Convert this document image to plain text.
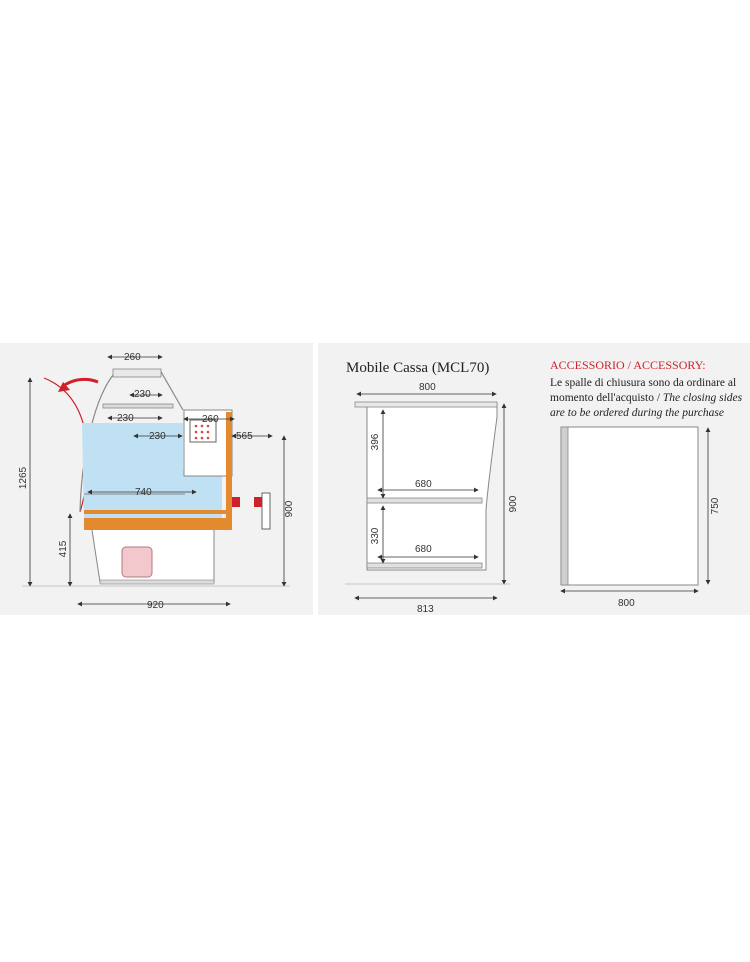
260
230
230	260
230	565
740
1265
900
415
920
800
396
680
330
680
900
813
750
800
Mobile Cassa (MCL70)	ACCESSORIO / ACCESSORY:
Le spalle di chiusura sono da ordinare al momento dell'acquisto / The closing sides are to be ordered during the purchase
